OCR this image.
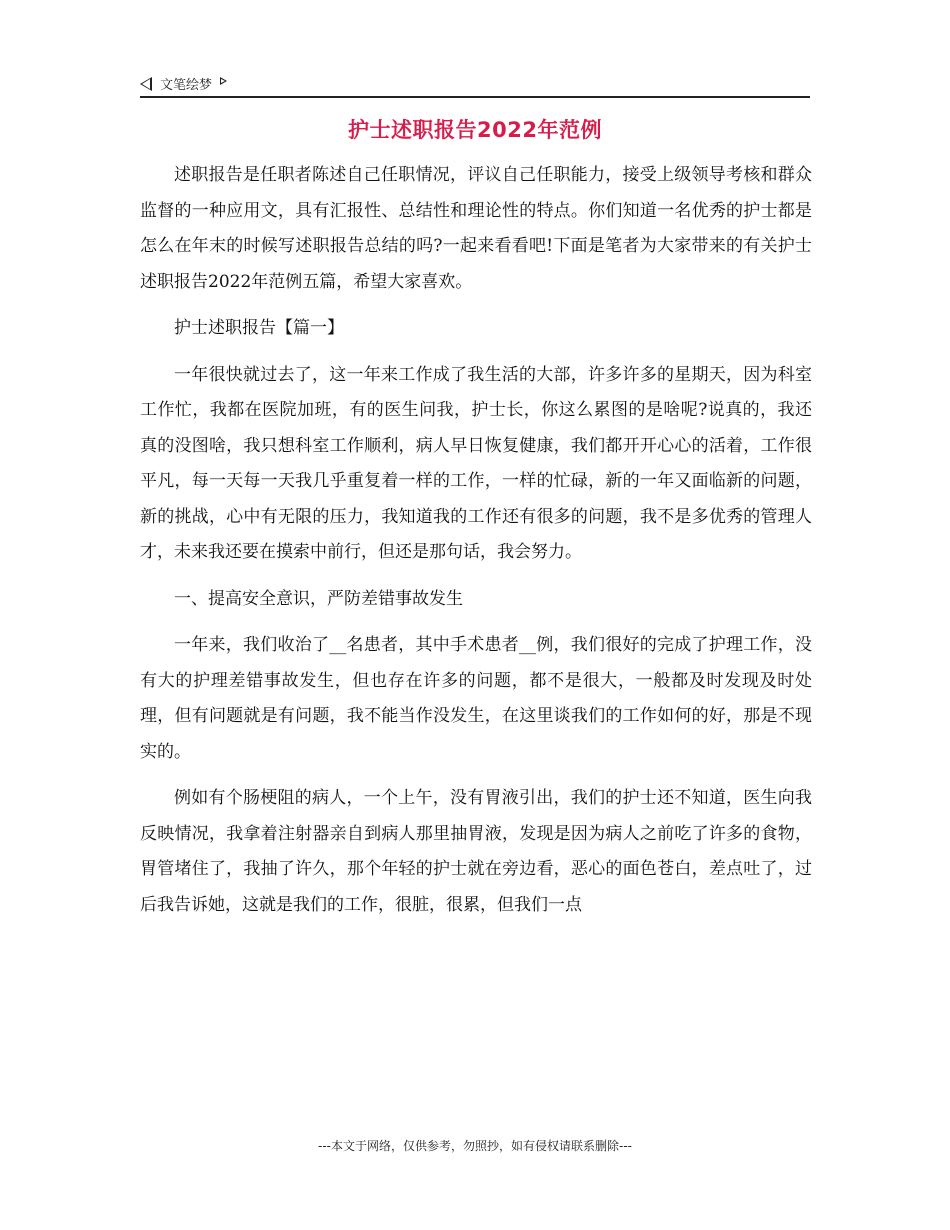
文笔绘梦
护士述职报告2022年范例

述职报告是任职者陈述自己任职情况，评议自己任职能力，接受上级领导考核和群众监督的一种应用文，具有汇报性、总结性和理论性的特点。你们知道一名优秀的护士都是怎么在年末的时候写述职报告总结的吗?一起来看看吧!下面是笔者为大家带来的有关护士述职报告2022年范例五篇，希望大家喜欢。

护士述职报告【篇一】

一年很快就过去了，这一年来工作成了我生活的大部，许多许多的星期天，因为科室工作忙，我都在医院加班，有的医生问我，护士长，你这么累图的是啥呢?说真的，我还真的没图啥，我只想科室工作顺利，病人早日恢复健康，我们都开开心心的活着，工作很平凡，每一天每一天我几乎重复着一样的工作，一样的忙碌，新的一年又面临新的问题，新的挑战，心中有无限的压力，我知道我的工作还有很多的问题，我不是多优秀的管理人才，未来我还要在摸索中前行，但还是那句话，我会努力。

一、提高安全意识，严防差错事故发生

一年来，我们收治了__名患者，其中手术患者__例，我们很好的完成了护理工作，没有大的护理差错事故发生，但也存在许多的问题，都不是很大，一般都及时发现及时处理，但有问题就是有问题，我不能当作没发生，在这里谈我们的工作如何的好，那是不现实的。

例如有个肠梗阻的病人，一个上午，没有胃液引出，我们的护士还不知道，医生向我反映情况，我拿着注射器亲自到病人那里抽胃液，发现是因为病人之前吃了许多的食物，胃管堵住了，我抽了许久，那个年轻的护士就在旁边看，恶心的面色苍白，差点吐了，过后我告诉她，这就是我们的工作，很脏，很累，但我们一点

---本文于网络，仅供参考，勿照抄，如有侵权请联系删除---
